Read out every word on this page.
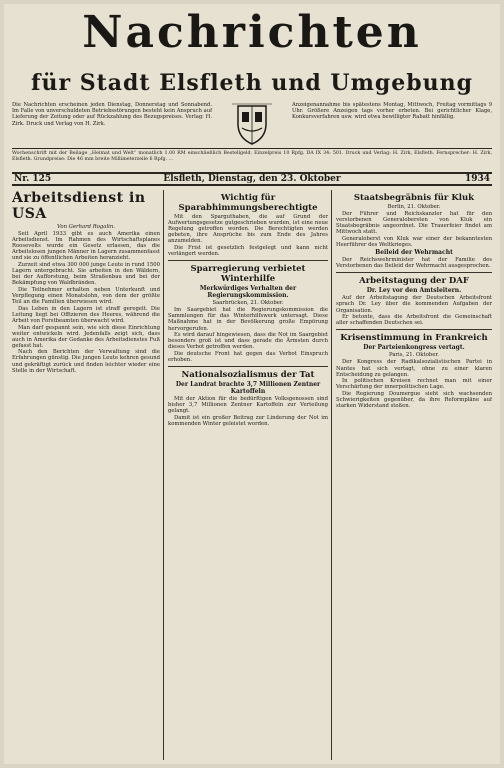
Nachrichten
für Stadt Elsfleth und Umgebung
Die Nachrichten erscheinen jeden Dienstag, Donnerstag und Sonnabend. Im Falle von unverschuldeten Betriebsstörungen besteht kein Anspruch auf Lieferung der Zeitung oder auf Rückzahlung des Bezugspreises. Verlag: H. Zirk. Druck und Verlag von H. Zirk.
Anzeigenannahme bis spätestens Montag, Mittwoch, Freitag vormittags 9 Uhr. Größere Anzeigen tags vorher erbeten. Bei gerichtlicher Klage, Konkursverfahren usw. wird etwa bewilligter Rabatt hinfällig.
Wochenschrift mit der Beilage „Heimat und Welt“ monatlich 1.00 RM einschließlich Bestellgeld. Einzelpreis 10 Rpfg. DA IX 34: 501. Druck und Verlag: H. Zirk, Elsfleth. Fernsprecher: H. Zirk, Elsfleth. Grundpreise: Die 46 mm breite Millimeterzeile 6 Rpfg. ...
Nr. 125	Elsfleth, Dienstag, den 23. Oktober	1934
Arbeitsdienst in USA
Von Gerhard Rogalin.

Seit April 1933 gibt es auch Amerika einen Arbeitsdienst. Im Rahmen des Wirtschaftsplanes Roosevelts wurde ein Gesetz erlassen, das die Arbeitslosen jungen Männer in Lagern zusammenfasst und sie zu öffentlichen Arbeiten heranzieht.

Zurzeit sind etwa 300 000 junge Leute in rund 1500 Lagern untergebracht. Sie arbeiten in den Wäldern, bei der Aufforstung, beim Straßenbau und bei der Bekämpfung von Waldbränden.

Die Teilnehmer erhalten neben Unterkunft und Verpflegung einen Monatslohn, von dem der größte Teil an die Familien überwiesen wird.

Das Leben in den Lagern ist straff geregelt. Die Leitung liegt bei Offizieren des Heeres, während die Arbeit von Forstbeamten überwacht wird.

Man darf gespannt sein, wie sich diese Einrichtung weiter entwickeln wird. Jedenfalls zeigt sich, dass auch in Amerika der Gedanke des Arbeitsdienstes Fuß gefasst hat.

Nach den Berichten der Verwaltung sind die Erfahrungen günstig. Die jungen Leute kehren gesund und gekräftigt zurück und finden leichter wieder eine Stelle in der Wirtschaft.

Wichtig für Sparabhimmungsberechtigte

Mit den Sparguthaben, die auf Grund der Aufwertungsgesetze gutgeschrieben wurden, ist eine neue Regelung getroffen worden. Die Berechtigten werden gebeten, ihre Ansprüche bis zum Ende des Jahres anzumelden.

Die Frist ist gesetzlich festgelegt und kann nicht verlängert werden.

Sparregierung verbietet Winterhilfe
Merkwürdiges Verhalten der Regierungskommission.
Saarbrücken, 21. Oktober.

Im Saargebiet hat die Regierungskommission die Sammlungen für das Winterhilfswerk untersagt. Diese Maßnahme hat in der Bevölkerung große Empörung hervorgerufen.

Es wird darauf hingewiesen, dass die Not im Saargebiet besonders groß ist und dass gerade die Ärmsten durch dieses Verbot getroffen werden.

Die deutsche Front hat gegen das Verbot Einspruch erhoben.

Nationalsozialismus der Tat
Der Landrat brachte 3,7 Millionen Zentner Kartoffeln

Mit der Aktion für die bedürftigen Volksgenossen sind bisher 3,7 Millionen Zentner Kartoffeln zur Verteilung gelangt.

Damit ist ein großer Beitrag zur Linderung der Not im kommenden Winter geleistet worden.

Staatsbegräbnis für Kluk
Berlin, 21. Oktober.

Der Führer und Reichskanzler hat für den verstorbenen Generalobersten von Kluk ein Staatsbegräbnis angeordnet. Die Trauerfeier findet am Mittwoch statt.

Generaloberst von Kluk war einer der bekanntesten Heerführer des Weltkrieges.

Beileid der Wehrmacht

Der Reichswehrminister hat der Familie des Verstorbenen das Beileid der Wehrmacht ausgesprochen.

Arbeitstagung der DAF
Dr. Ley vor den Amtsleitern.

Auf der Arbeitstagung der Deutschen Arbeitsfront sprach Dr. Ley über die kommenden Aufgaben der Organisation.

Er betonte, dass die Arbeitsfront die Gemeinschaft aller schaffenden Deutschen sei.

Krisenstimmung in Frankreich
Der Parteienkongress vertagt.
Paris, 21. Oktober.

Der Kongress der Radikalsozialistischen Partei in Nantes hat sich vertagt, ohne zu einer klaren Entscheidung zu gelangen.

In politischen Kreisen rechnet man mit einer Verschärfung der innerpolitischen Lage.

Die Regierung Doumergue sieht sich wachsenden Schwierigkeiten gegenüber, da ihre Reformpläne auf starken Widerstand stoßen.
